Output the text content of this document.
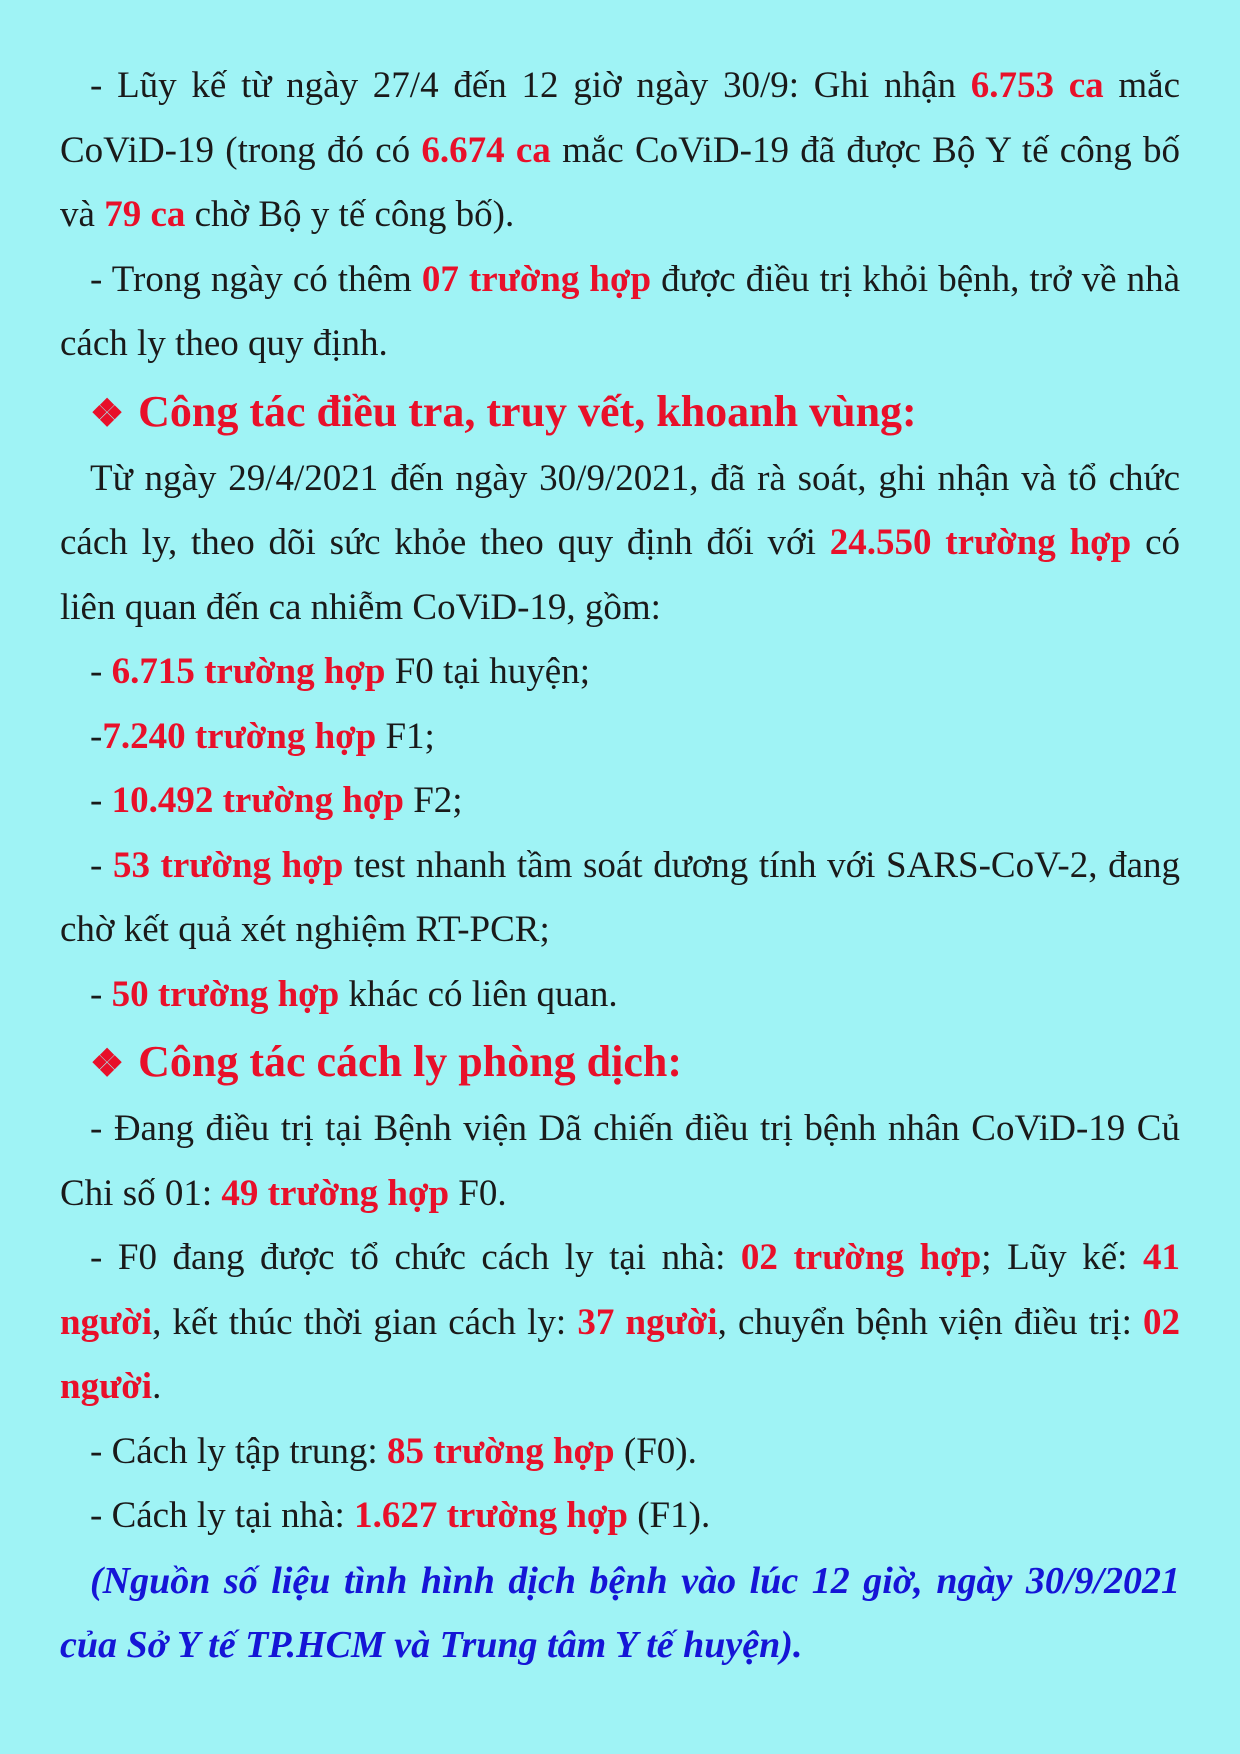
- Lũy kế từ ngày 27/4 đến 12 giờ ngày 30/9: Ghi nhận 6.753 ca mắc CoViD-19 (trong đó có 6.674 ca mắc CoViD-19 đã được Bộ Y tế công bố và 79 ca chờ Bộ y tế công bố).

- Trong ngày có thêm 07 trường hợp được điều trị khỏi bệnh, trở về nhà cách ly theo quy định.

❖ Công tác điều tra, truy vết, khoanh vùng:

Từ ngày 29/4/2021 đến ngày 30/9/2021, đã rà soát, ghi nhận và tổ chức cách ly, theo dõi sức khỏe theo quy định đối với 24.550 trường hợp có liên quan đến ca nhiễm CoViD-19, gồm:

- 6.715 trường hợp F0 tại huyện;

-7.240 trường hợp F1;

- 10.492 trường hợp F2;

- 53 trường hợp test nhanh tầm soát dương tính với SARS-CoV-2, đang chờ kết quả xét nghiệm RT-PCR;

- 50 trường hợp khác có liên quan.

❖ Công tác cách ly phòng dịch:

- Đang điều trị tại Bệnh viện Dã chiến điều trị bệnh nhân CoViD-19 Củ Chi số 01: 49 trường hợp F0.

- F0 đang được tổ chức cách ly tại nhà: 02 trường hợp; Lũy kế: 41 người, kết thúc thời gian cách ly: 37 người, chuyển bệnh viện điều trị: 02 người.

- Cách ly tập trung: 85 trường hợp (F0).

- Cách ly tại nhà: 1.627 trường hợp (F1).

(Nguồn số liệu tình hình dịch bệnh vào lúc 12 giờ, ngày 30/9/2021 của Sở Y tế TP.HCM và Trung tâm Y tế huyện).
